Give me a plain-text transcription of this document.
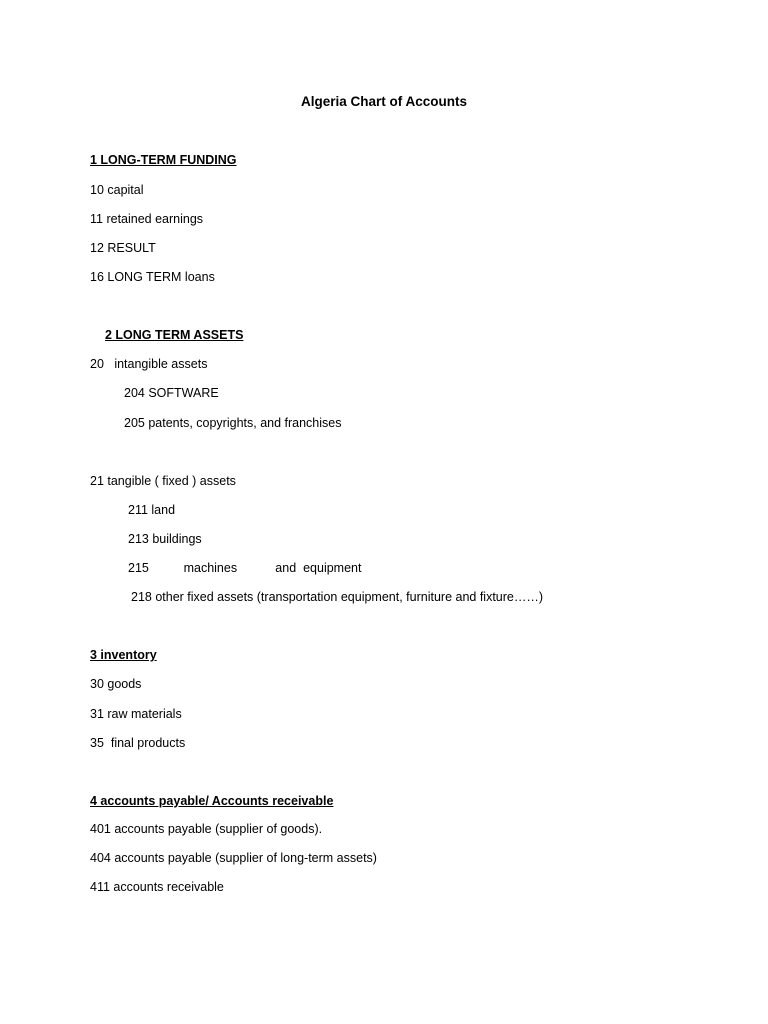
Algeria Chart of Accounts
1 LONG-TERM FUNDING
10 capital
11 retained earnings
12 RESULT
16 LONG TERM loans
2 LONG TERM ASSETS
20   intangible assets
204 SOFTWARE
205 patents, copyrights, and franchises
21 tangible ( fixed ) assets
211 land
213 buildings
215          machines           and  equipment
218 other fixed assets (transportation equipment, furniture and fixture……)
3 inventory
30 goods
31 raw materials
35  final products
4 accounts payable/ Accounts receivable
401 accounts payable (supplier of goods).
404 accounts payable (supplier of long-term assets)
411 accounts receivable
